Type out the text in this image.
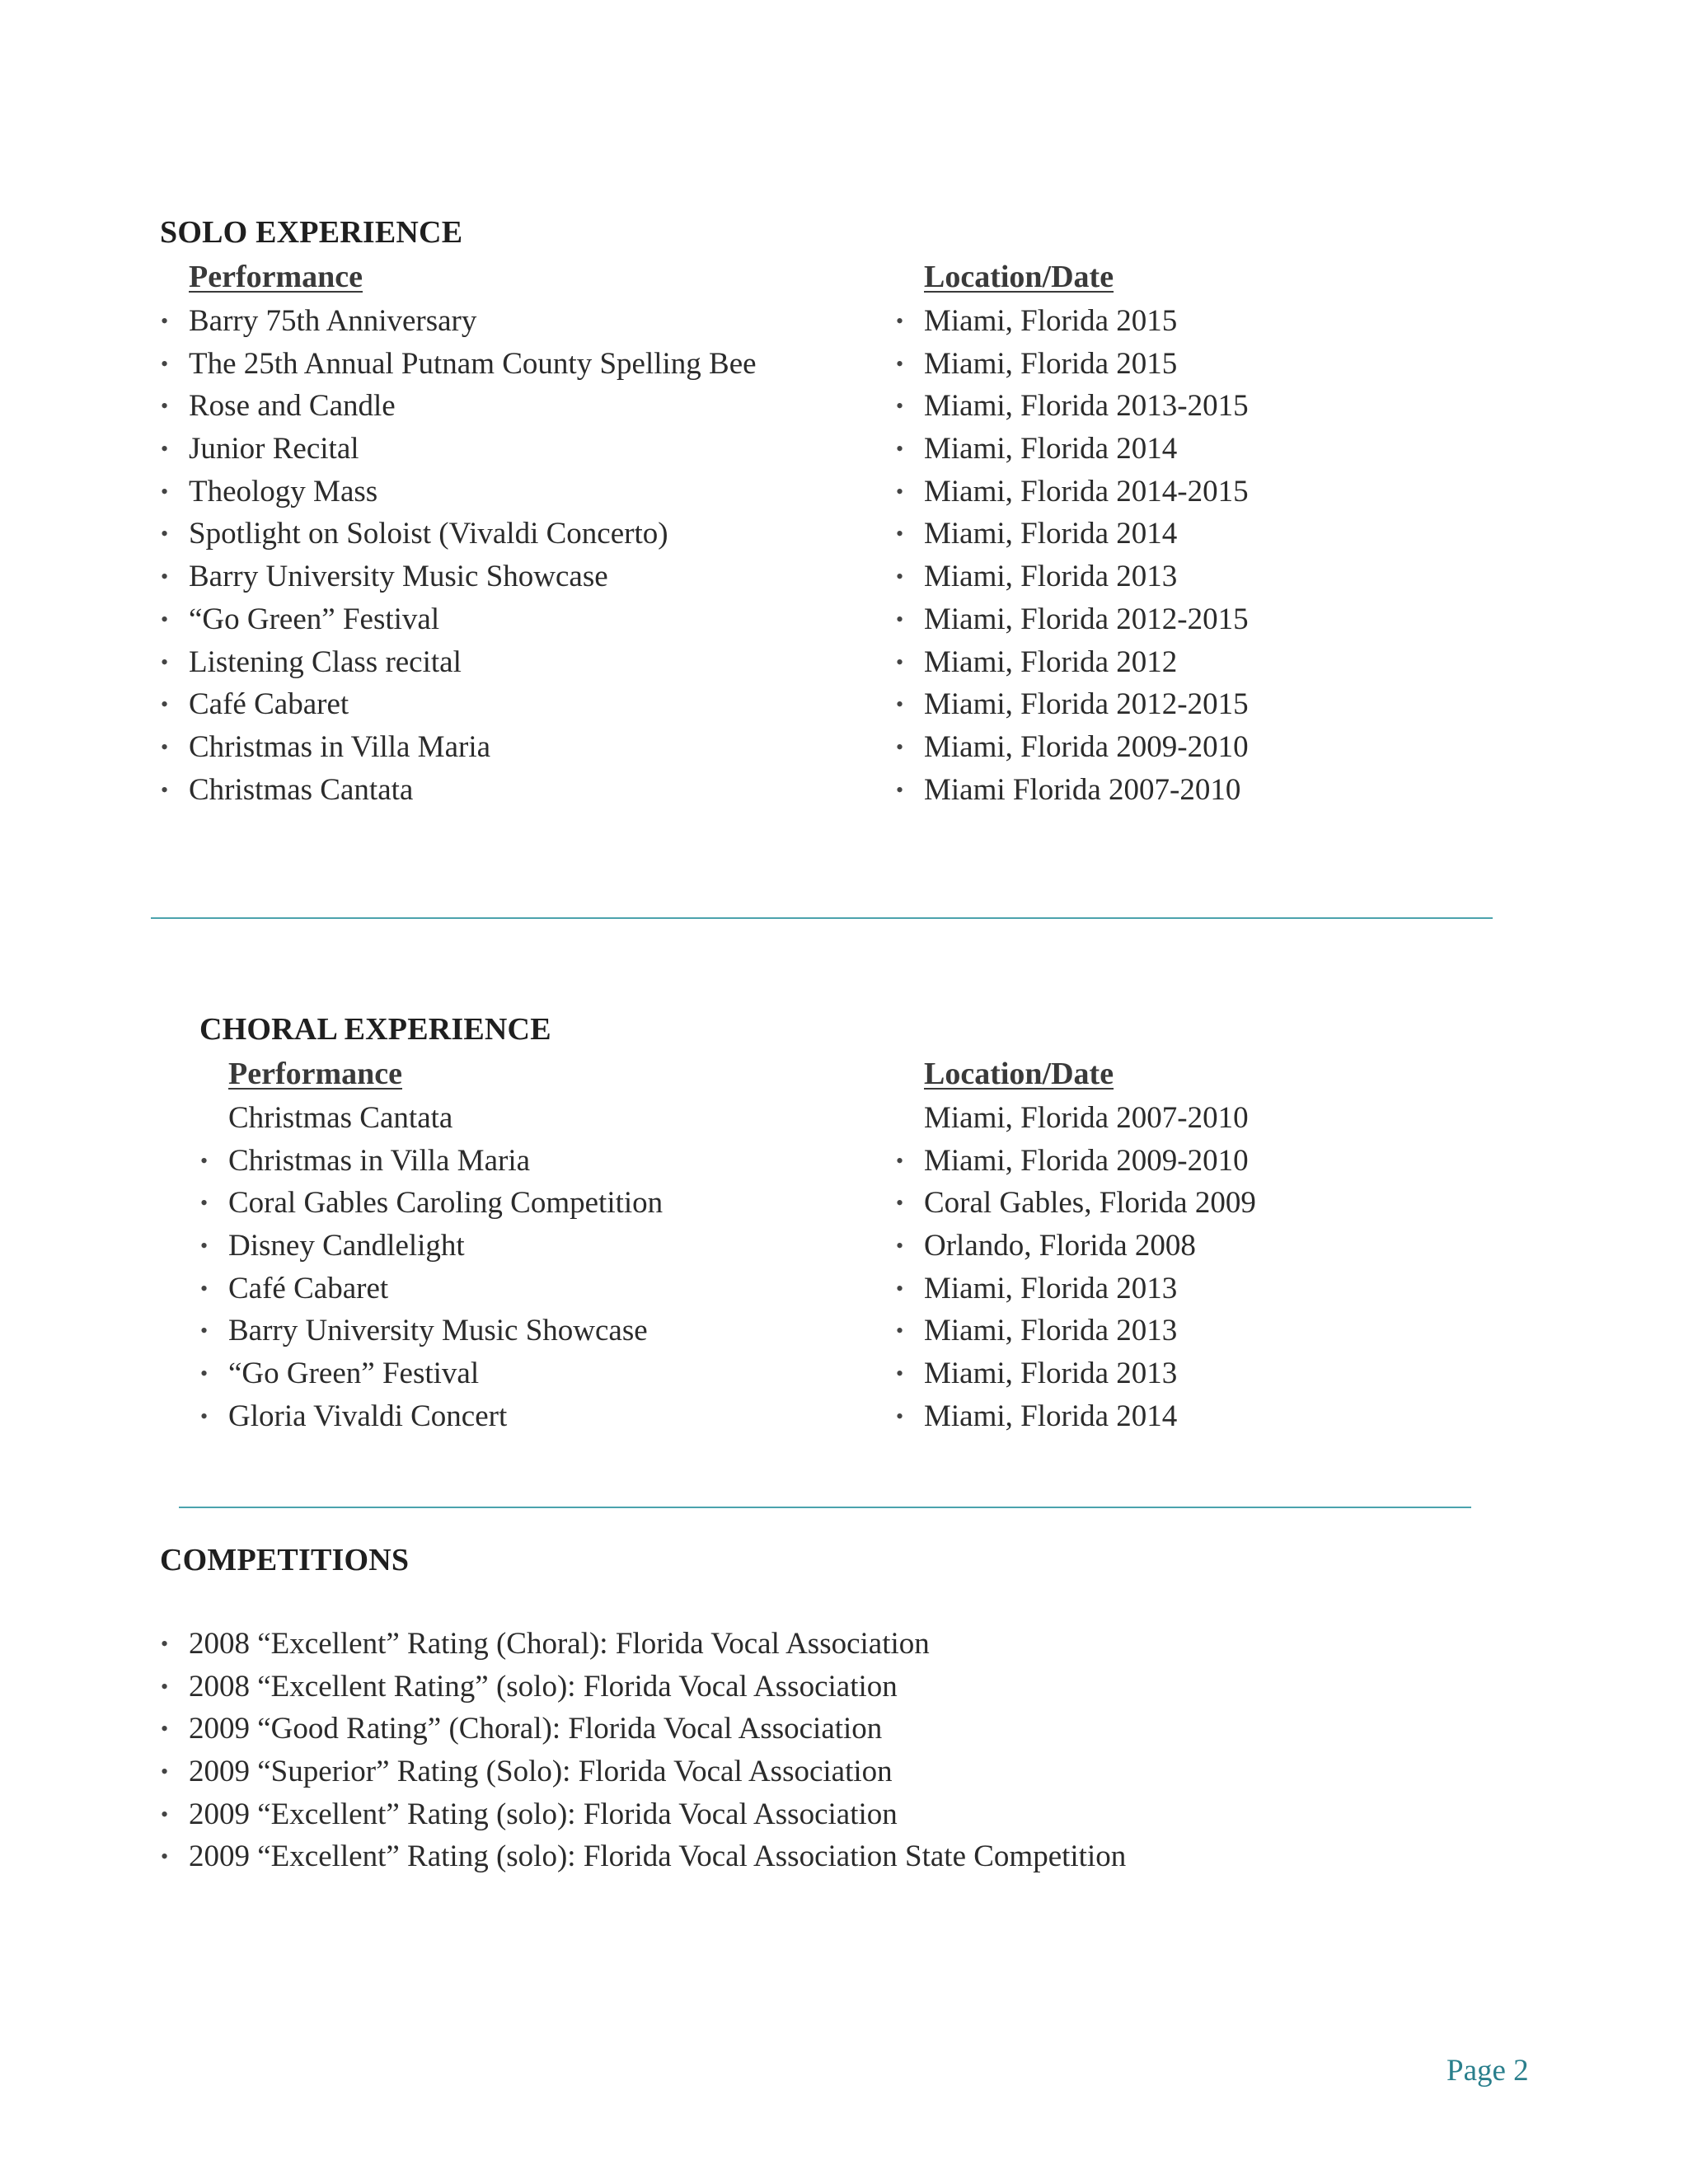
SOLO EXPERIENCE
Performance	Location/Date
• Barry 75th Anniversary
• The 25th Annual Putnam County Spelling Bee
• Rose and Candle
• Junior Recital
• Theology Mass
• Spotlight on Soloist (Vivaldi Concerto)
• Barry University Music Showcase
• “Go Green” Festival
• Listening Class recital
• Café Cabaret
• Christmas in Villa Maria
• Christmas Cantata
• Miami, Florida 2015
• Miami, Florida 2015
• Miami, Florida 2013-2015
• Miami, Florida 2014
• Miami, Florida 2014-2015
• Miami, Florida 2014
• Miami, Florida 2013
• Miami, Florida 2012-2015
• Miami, Florida 2012
• Miami, Florida 2012-2015
• Miami, Florida 2009-2010
• Miami Florida 2007-2010
CHORAL EXPERIENCE
Performance	Location/Date
Christmas Cantata
• Christmas in Villa Maria
• Coral Gables Caroling Competition
• Disney Candlelight
• Café Cabaret
• Barry University Music Showcase
• “Go Green” Festival
• Gloria Vivaldi Concert
Miami, Florida 2007-2010
• Miami, Florida 2009-2010
• Coral Gables, Florida 2009
• Orlando, Florida 2008
• Miami, Florida 2013
• Miami, Florida 2013
• Miami, Florida 2013
• Miami, Florida 2014
COMPETITIONS
• 2008 “Excellent” Rating (Choral): Florida Vocal Association
• 2008 “Excellent Rating” (solo): Florida Vocal Association
• 2009 “Good Rating” (Choral): Florida Vocal Association
• 2009 “Superior” Rating (Solo): Florida Vocal Association
• 2009 “Excellent” Rating (solo): Florida Vocal Association
• 2009 “Excellent” Rating (solo): Florida Vocal Association State Competition
Page 2
